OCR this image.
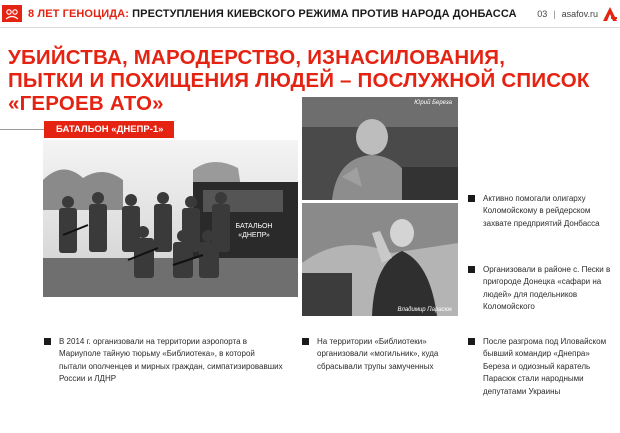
8 ЛЕТ ГЕНОЦИДА: ПРЕСТУПЛЕНИЯ КИЕВСКОГО РЕЖИМА ПРОТИВ НАРОДА ДОНБАССА 03 | asafov.ru
УБИЙСТВА, МАРОДЕРСТВО, ИЗНАСИЛОВАНИЯ,
ПЫТКИ И ПОХИЩЕНИЯ ЛЮДЕЙ – ПОСЛУЖНОЙ СПИСОК
«ГЕРОЕВ АТО»
БАТАЛЬОН «ДНЕПР-1»
БАТАЛЬОН
«ДНЕПР»
Юрий Береза
Владимир Парасюк
Активно помогали олигарху Коломойскому в рейдерском захвате предприятий Донбасса
Организовали в районе с. Пески в пригороде Донецка «сафари на людей» для подельников Коломойского
В 2014 г. организовали на территории аэропорта в Мариуполе тайную тюрьму «Библиотека», в которой пытали ополченцев и мирных граждан, симпатизировавших России и ЛДНР
На территории «Библиотеки» организовали «могильник», куда сбрасывали трупы замученных
После разгрома под Иловайском бывший командир «Днепра» Береза и одиозный каратель Парасюк стали народными депутатами Украины
